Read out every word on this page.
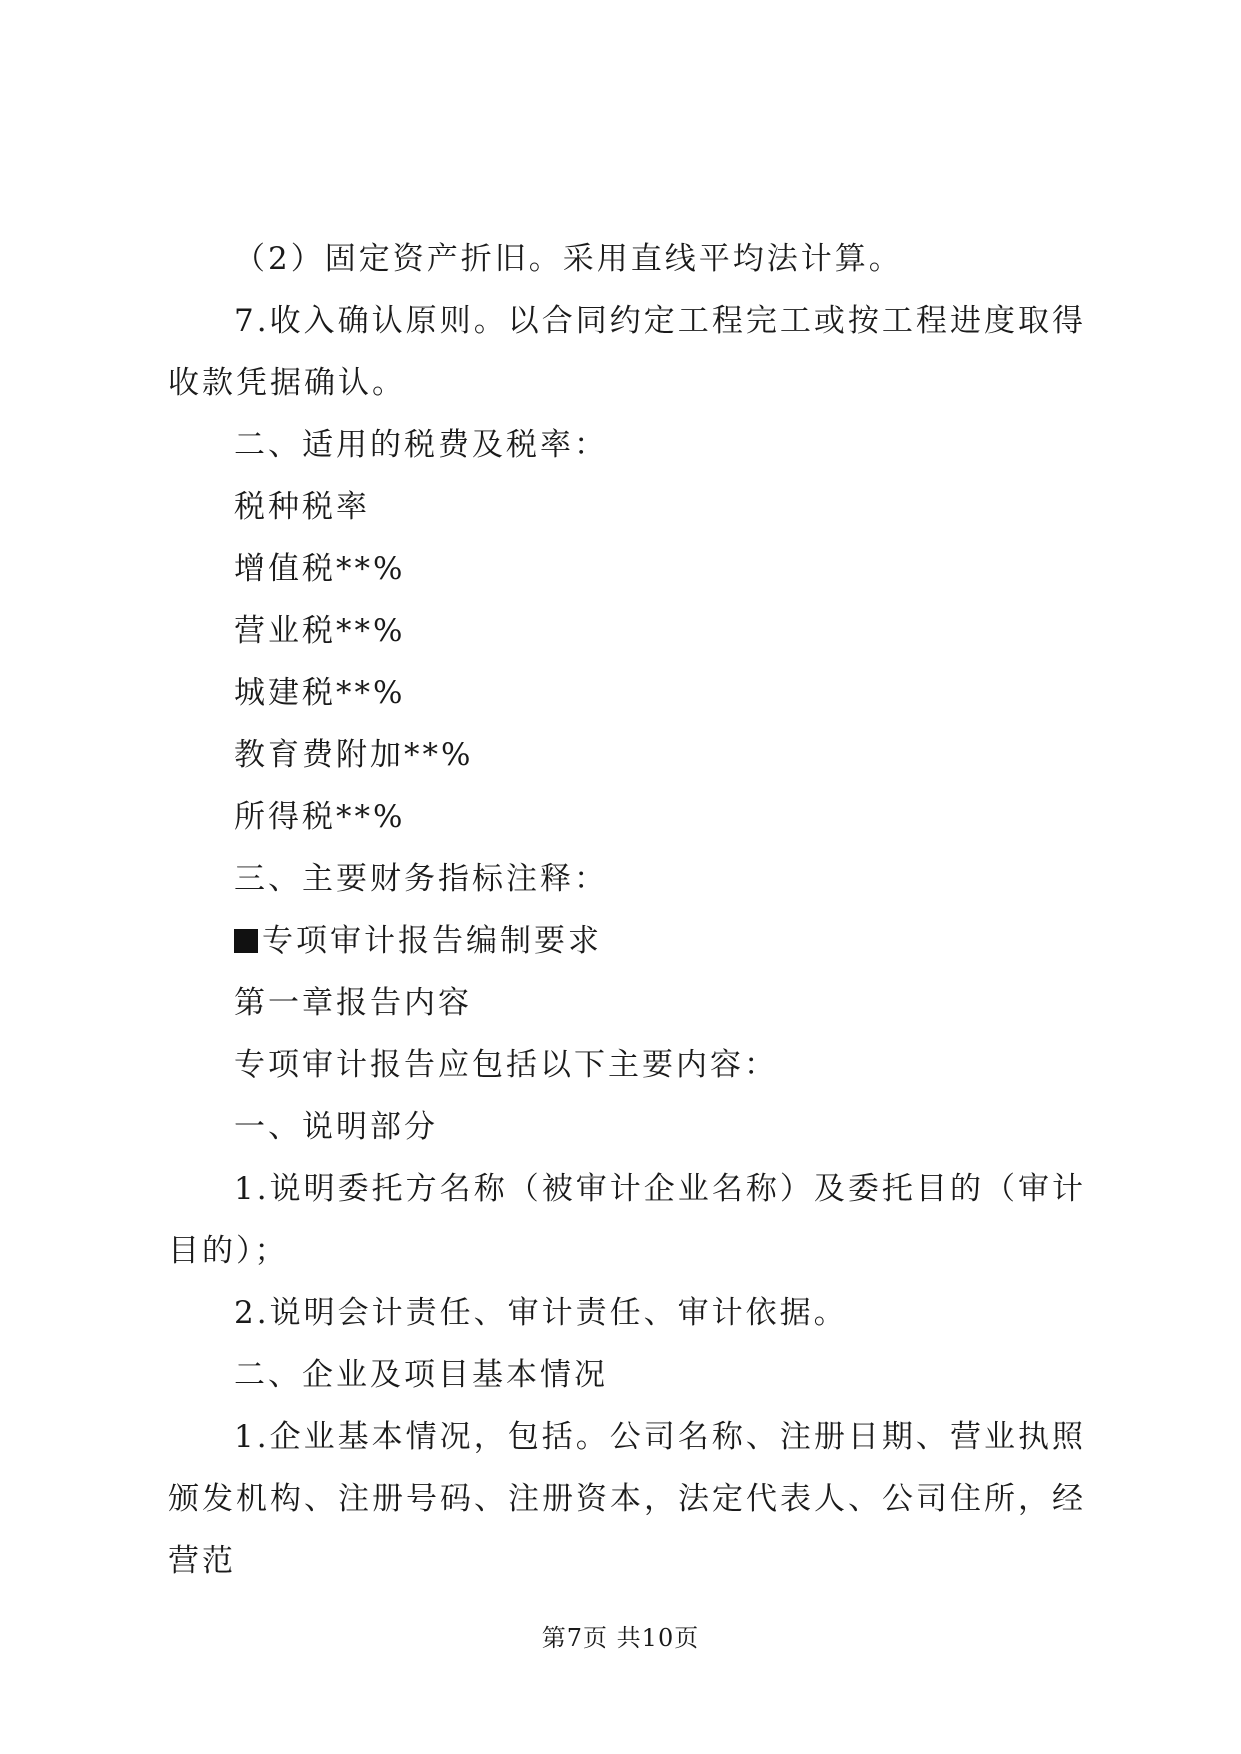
（2）固定资产折旧。采用直线平均法计算。

7.收入确认原则。以合同约定工程完工或按工程进度取得收款凭据确认。

二、适用的税费及税率：

税种税率

增值税**%

营业税**%

城建税**%

教育费附加**%

所得税**%

三、主要财务指标注释：

专项审计报告编制要求

第一章报告内容

专项审计报告应包括以下主要内容：

一、说明部分

1.说明委托方名称（被审计企业名称）及委托目的（审计目的）；

2.说明会计责任、审计责任、审计依据。

二、企业及项目基本情况

1.企业基本情况，包括。公司名称、注册日期、营业执照颁发机构、注册号码、注册资本，法定代表人、公司住所，经营范

第7页 共10页
